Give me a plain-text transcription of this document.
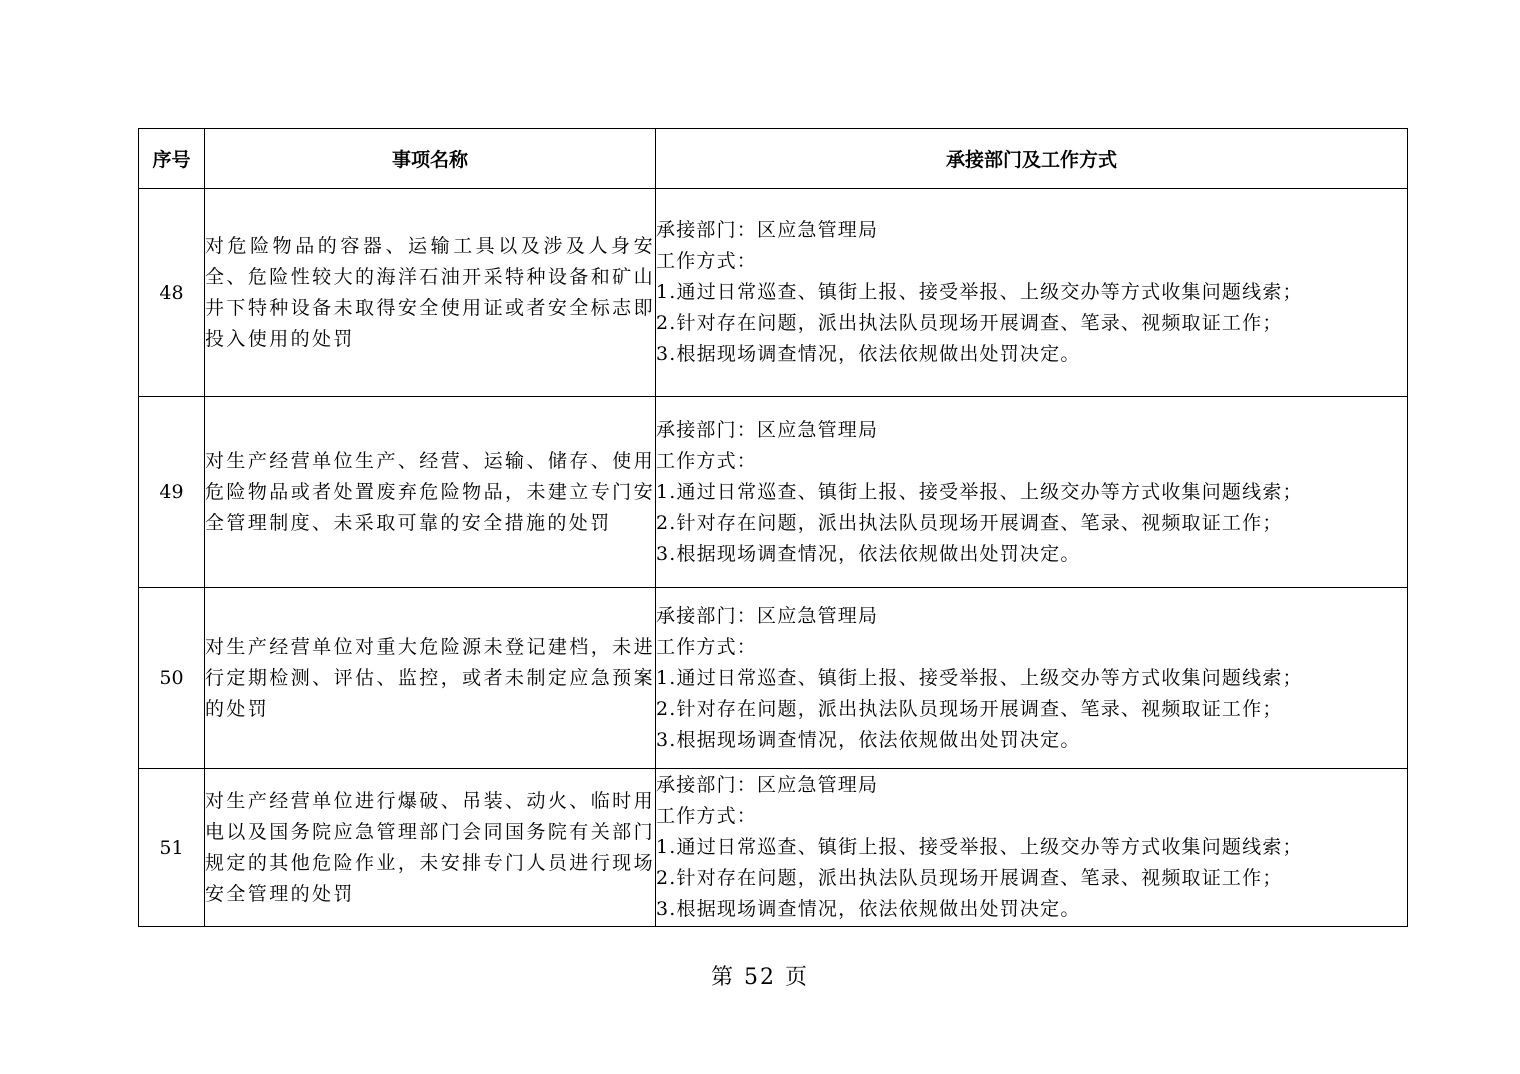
序号	事项名称	承接部门及工作方式
48	对危险物品的容器、运输工具以及涉及人身安全、危险性较大的海洋石油开采特种设备和矿山井下特种设备未取得安全使用证或者安全标志即投入使用的处罚	承接部门：区应急管理局
工作方式：
1.通过日常巡查、镇街上报、接受举报、上级交办等方式收集问题线索；
2.针对存在问题，派出执法队员现场开展调查、笔录、视频取证工作；
3.根据现场调查情况，依法依规做出处罚决定。

49	对生产经营单位生产、经营、运输、储存、使用危险物品或者处置废弃危险物品，未建立专门安全管理制度、未采取可靠的安全措施的处罚	承接部门：区应急管理局
工作方式：
1.通过日常巡查、镇街上报、接受举报、上级交办等方式收集问题线索；
2.针对存在问题，派出执法队员现场开展调查、笔录、视频取证工作；
3.根据现场调查情况，依法依规做出处罚决定。

50	对生产经营单位对重大危险源未登记建档，未进行定期检测、评估、监控，或者未制定应急预案的处罚	承接部门：区应急管理局
工作方式：
1.通过日常巡查、镇街上报、接受举报、上级交办等方式收集问题线索；
2.针对存在问题，派出执法队员现场开展调查、笔录、视频取证工作；
3.根据现场调查情况，依法依规做出处罚决定。

51	对生产经营单位进行爆破、吊装、动火、临时用电以及国务院应急管理部门会同国务院有关部门规定的其他危险作业，未安排专门人员进行现场安全管理的处罚	承接部门：区应急管理局
工作方式：
1.通过日常巡查、镇街上报、接受举报、上级交办等方式收集问题线索；
2.针对存在问题，派出执法队员现场开展调查、笔录、视频取证工作；
3.根据现场调查情况，依法依规做出处罚决定。
第 52 页
